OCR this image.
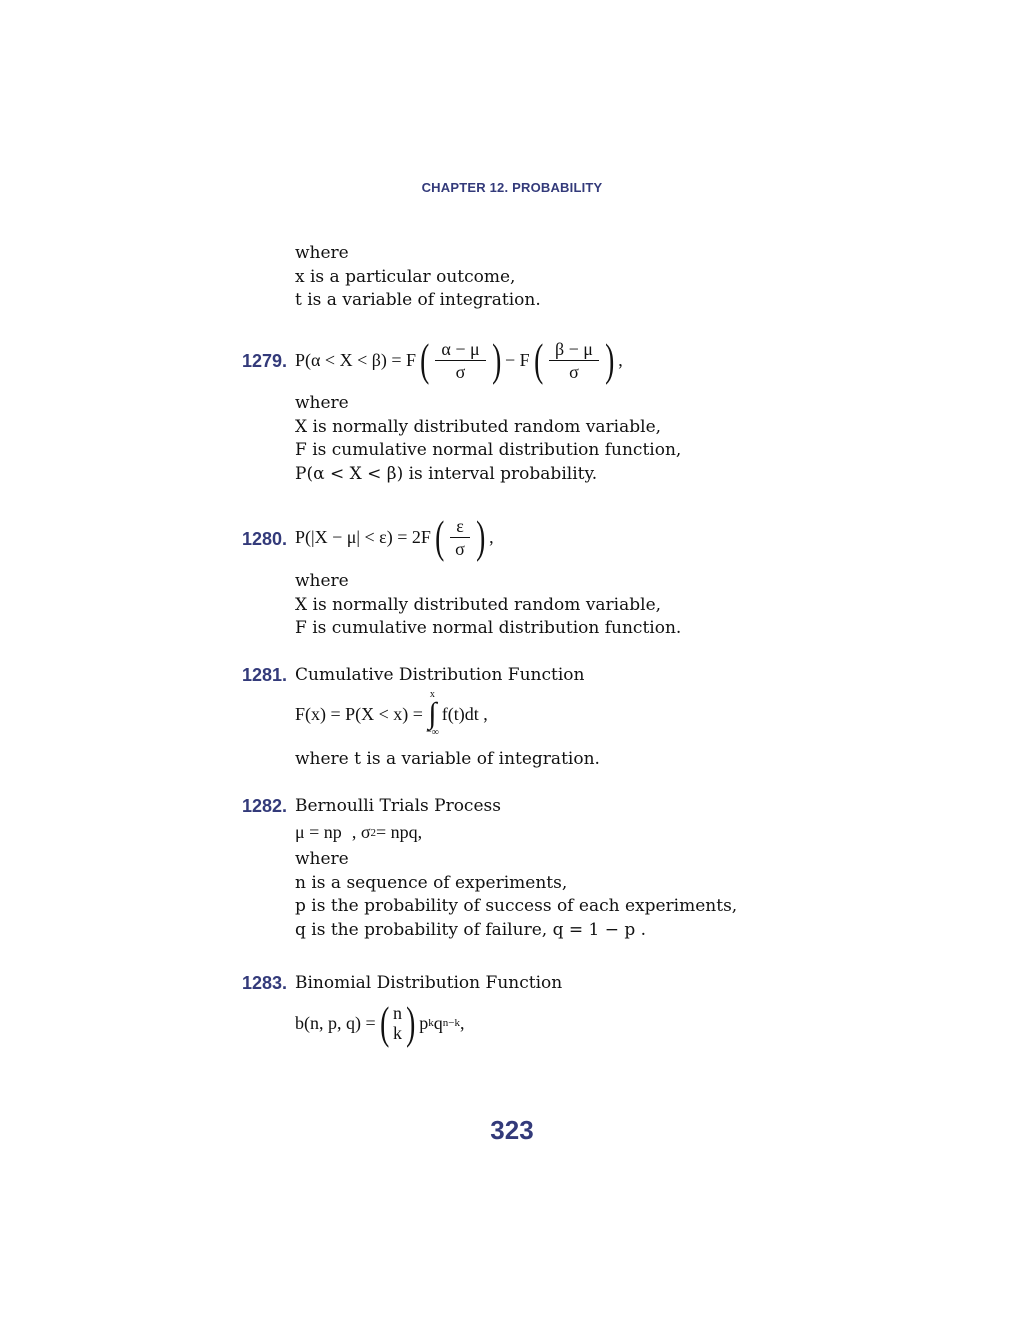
CHAPTER 12. PROBABILITY
where
x is a particular outcome,
t is a variable of integration.
1279. P(α < X < β) = F ( $\frac{\alpha - \mu}{\sigma}$ ) − F ( $\frac{\beta - \mu}{\sigma}$ ) ,
where
X is normally distributed random variable,
F is cumulative normal distribution function,
P(α < X < β) is interval probability.
1280. P(|X − μ| < ε) = 2F ( $\frac{\varepsilon}{\sigma}$ ) ,
where
X is normally distributed random variable,
F is cumulative normal distribution function.
1281. Cumulative Distribution Function
F(x) = P(X < x) =
x
∫
−∞
f(t)dt ,
where t is a variable of integration.
1282. Bernoulli Trials Process
μ = np , σ 2 = npq,
where
n is a sequence of experiments,
p is the probability of success of each experiments,
q is the probability of failure, q = 1 − p .
1283. Binomial Distribution Function
b(n, p, q) = ( n
k ) p k q n−k ,
323
